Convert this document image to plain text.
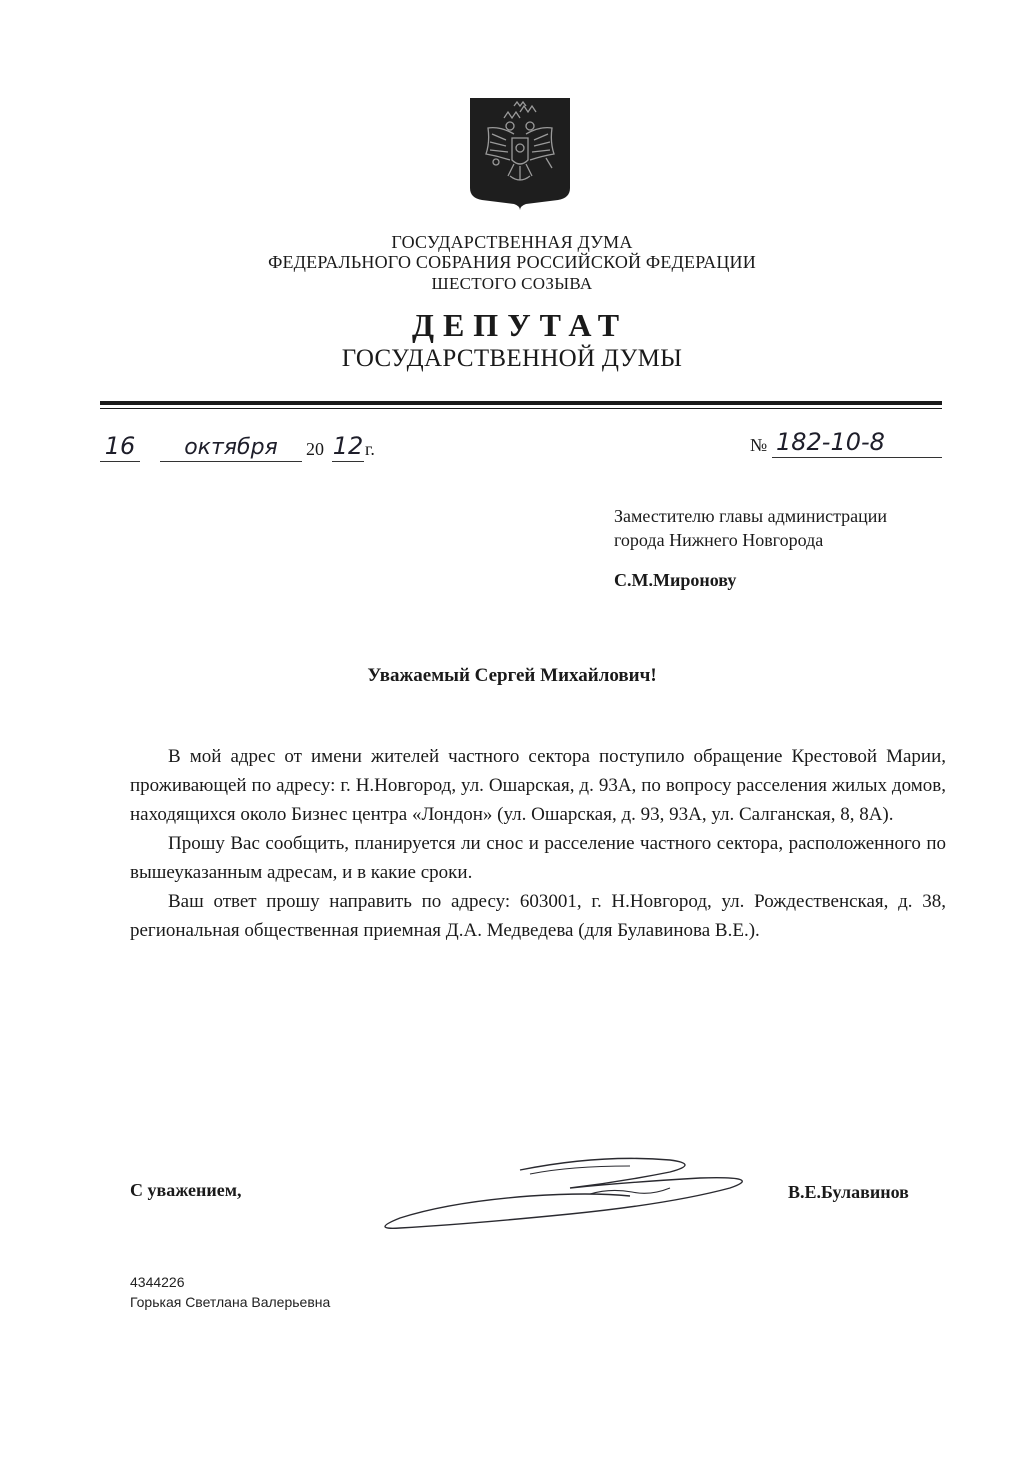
ГОСУДАРСТВЕННАЯ ДУМА
ФЕДЕРАЛЬНОГО СОБРАНИЯ РОССИЙСКОЙ ФЕДЕРАЦИИ
ШЕСТОГО СОЗЫВА
ДЕПУТАТ
ГОСУДАРСТВЕННОЙ ДУМЫ
16	октября	20 12 г.	№ 182-10-8
Заместителю главы администрации
города Нижнего Новгорода
С.М.Миронову
Уважаемый Сергей Михайлович!

В мой адрес от имени жителей частного сектора поступило обращение Крестовой Марии, проживающей по адресу: г. Н.Новгород, ул. Ошарская, д. 93А, по вопросу расселения жилых домов, находящихся около Бизнес центра «Лондон» (ул. Ошарская, д. 93, 93А, ул. Салганская, 8, 8А).

Прошу Вас сообщить, планируется ли снос и расселение частного сектора, расположенного по вышеуказанным адресам, и в какие сроки.

Ваш ответ прошу направить по адресу: 603001, г. Н.Новгород, ул. Рождественская, д. 38, региональная общественная приемная Д.А. Медведева (для Булавинова В.Е.).

С уважением,	В.Е.Булавинов
4344226
Горькая Светлана Валерьевна
